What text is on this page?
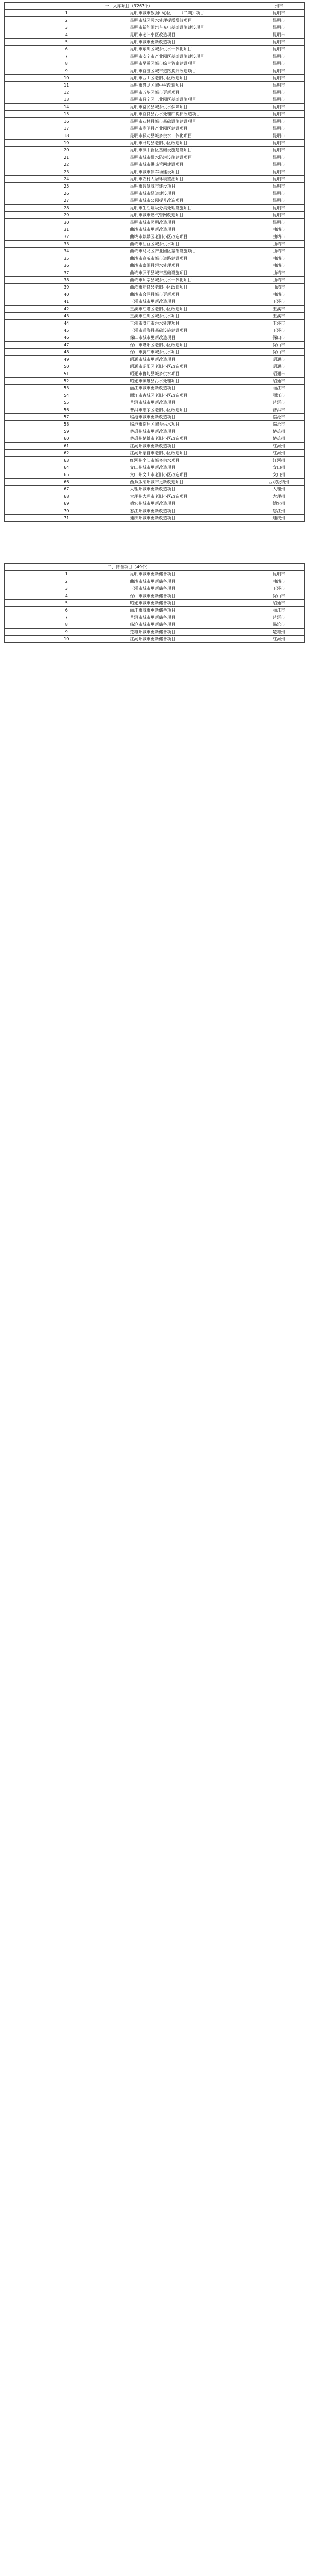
一、入库项目（3267个）		州市
1	昆明市城市数据中心区……（二期）项目	昆明市
2	昆明市城区污水处理提质增效项目	昆明市
3	昆明市新能源汽车充电基础设施建设项目	昆明市
4	昆明市老旧小区改造项目	昆明市
5	昆明市城市更新改造项目	昆明市
6	昆明市东川区城乡供水一体化项目	昆明市
7	昆明市安宁市产业园区基础设施建设项目	昆明市
8	昆明市呈贡区城市综合管廊建设项目	昆明市
9	昆明市官渡区城市道路提升改造项目	昆明市
10	昆明市西山区老旧小区改造项目	昆明市
11	昆明市盘龙区城中村改造项目	昆明市
12	昆明市五华区城市更新项目	昆明市
13	昆明市晋宁区工业园区基础设施项目	昆明市
14	昆明市富民县城乡供水保障项目	昆明市
15	昆明市宜良县污水处理厂提标改造项目	昆明市
16	昆明市石林县城市基础设施建设项目	昆明市
17	昆明市嵩明县产业园区建设项目	昆明市
18	昆明市禄劝县城乡供水一体化项目	昆明市
19	昆明市寻甸县老旧小区改造项目	昆明市
20	昆明市滇中新区基础设施建设项目	昆明市
21	昆明市城市排水防涝设施建设项目	昆明市
22	昆明市城市供热管网建设项目	昆明市
23	昆明市城市停车场建设项目	昆明市
24	昆明市农村人居环境整治项目	昆明市
25	昆明市智慧城市建设项目	昆明市
26	昆明市城市绿道建设项目	昆明市
27	昆明市城市公园提升改造项目	昆明市
28	昆明市生活垃圾分类处理设施项目	昆明市
29	昆明市城市燃气管网改造项目	昆明市
30	昆明市城市照明改造项目	昆明市
31	曲靖市城市更新改造项目	曲靖市
32	曲靖市麒麟区老旧小区改造项目	曲靖市
33	曲靖市沾益区城乡供水项目	曲靖市
34	曲靖市马龙区产业园区基础设施项目	曲靖市
35	曲靖市宣威市城市道路建设项目	曲靖市
36	曲靖市富源县污水处理项目	曲靖市
37	曲靖市罗平县城市基础设施项目	曲靖市
38	曲靖市师宗县城乡供水一体化项目	曲靖市
39	曲靖市陆良县老旧小区改造项目	曲靖市
40	曲靖市会泽县城市更新项目	曲靖市
41	玉溪市城市更新改造项目	玉溪市
42	玉溪市红塔区老旧小区改造项目	玉溪市
43	玉溪市江川区城乡供水项目	玉溪市
44	玉溪市澄江市污水处理项目	玉溪市
45	玉溪市通海县基础设施建设项目	玉溪市
46	保山市城市更新改造项目	保山市
47	保山市隆阳区老旧小区改造项目	保山市
48	保山市腾冲市城乡供水项目	保山市
49	昭通市城市更新改造项目	昭通市
50	昭通市昭阳区老旧小区改造项目	昭通市
51	昭通市鲁甸县城乡供水项目	昭通市
52	昭通市镇雄县污水处理项目	昭通市
53	丽江市城市更新改造项目	丽江市
54	丽江市古城区老旧小区改造项目	丽江市
55	普洱市城市更新改造项目	普洱市
56	普洱市思茅区老旧小区改造项目	普洱市
57	临沧市城市更新改造项目	临沧市
58	临沧市临翔区城乡供水项目	临沧市
59	楚雄州城市更新改造项目	楚雄州
60	楚雄州楚雄市老旧小区改造项目	楚雄州
61	红河州城市更新改造项目	红河州
62	红河州蒙自市老旧小区改造项目	红河州
63	红河州个旧市城乡供水项目	红河州
64	文山州城市更新改造项目	文山州
65	文山州文山市老旧小区改造项目	文山州
66	西双版纳州城市更新改造项目	西双版纳州
67	大理州城市更新改造项目	大理州
68	大理州大理市老旧小区改造项目	大理州
69	德宏州城市更新改造项目	德宏州
70	怒江州城市更新改造项目	怒江州
71	迪庆州城市更新改造项目	迪庆州
二、储备项目（49个）		
1	昆明市城市更新储备项目	昆明市
2	曲靖市城市更新储备项目	曲靖市
3	玉溪市城市更新储备项目	玉溪市
4	保山市城市更新储备项目	保山市
5	昭通市城市更新储备项目	昭通市
6	丽江市城市更新储备项目	丽江市
7	普洱市城市更新储备项目	普洱市
8	临沧市城市更新储备项目	临沧市
9	楚雄州城市更新储备项目	楚雄州
10	红河州城市更新储备项目	红河州
